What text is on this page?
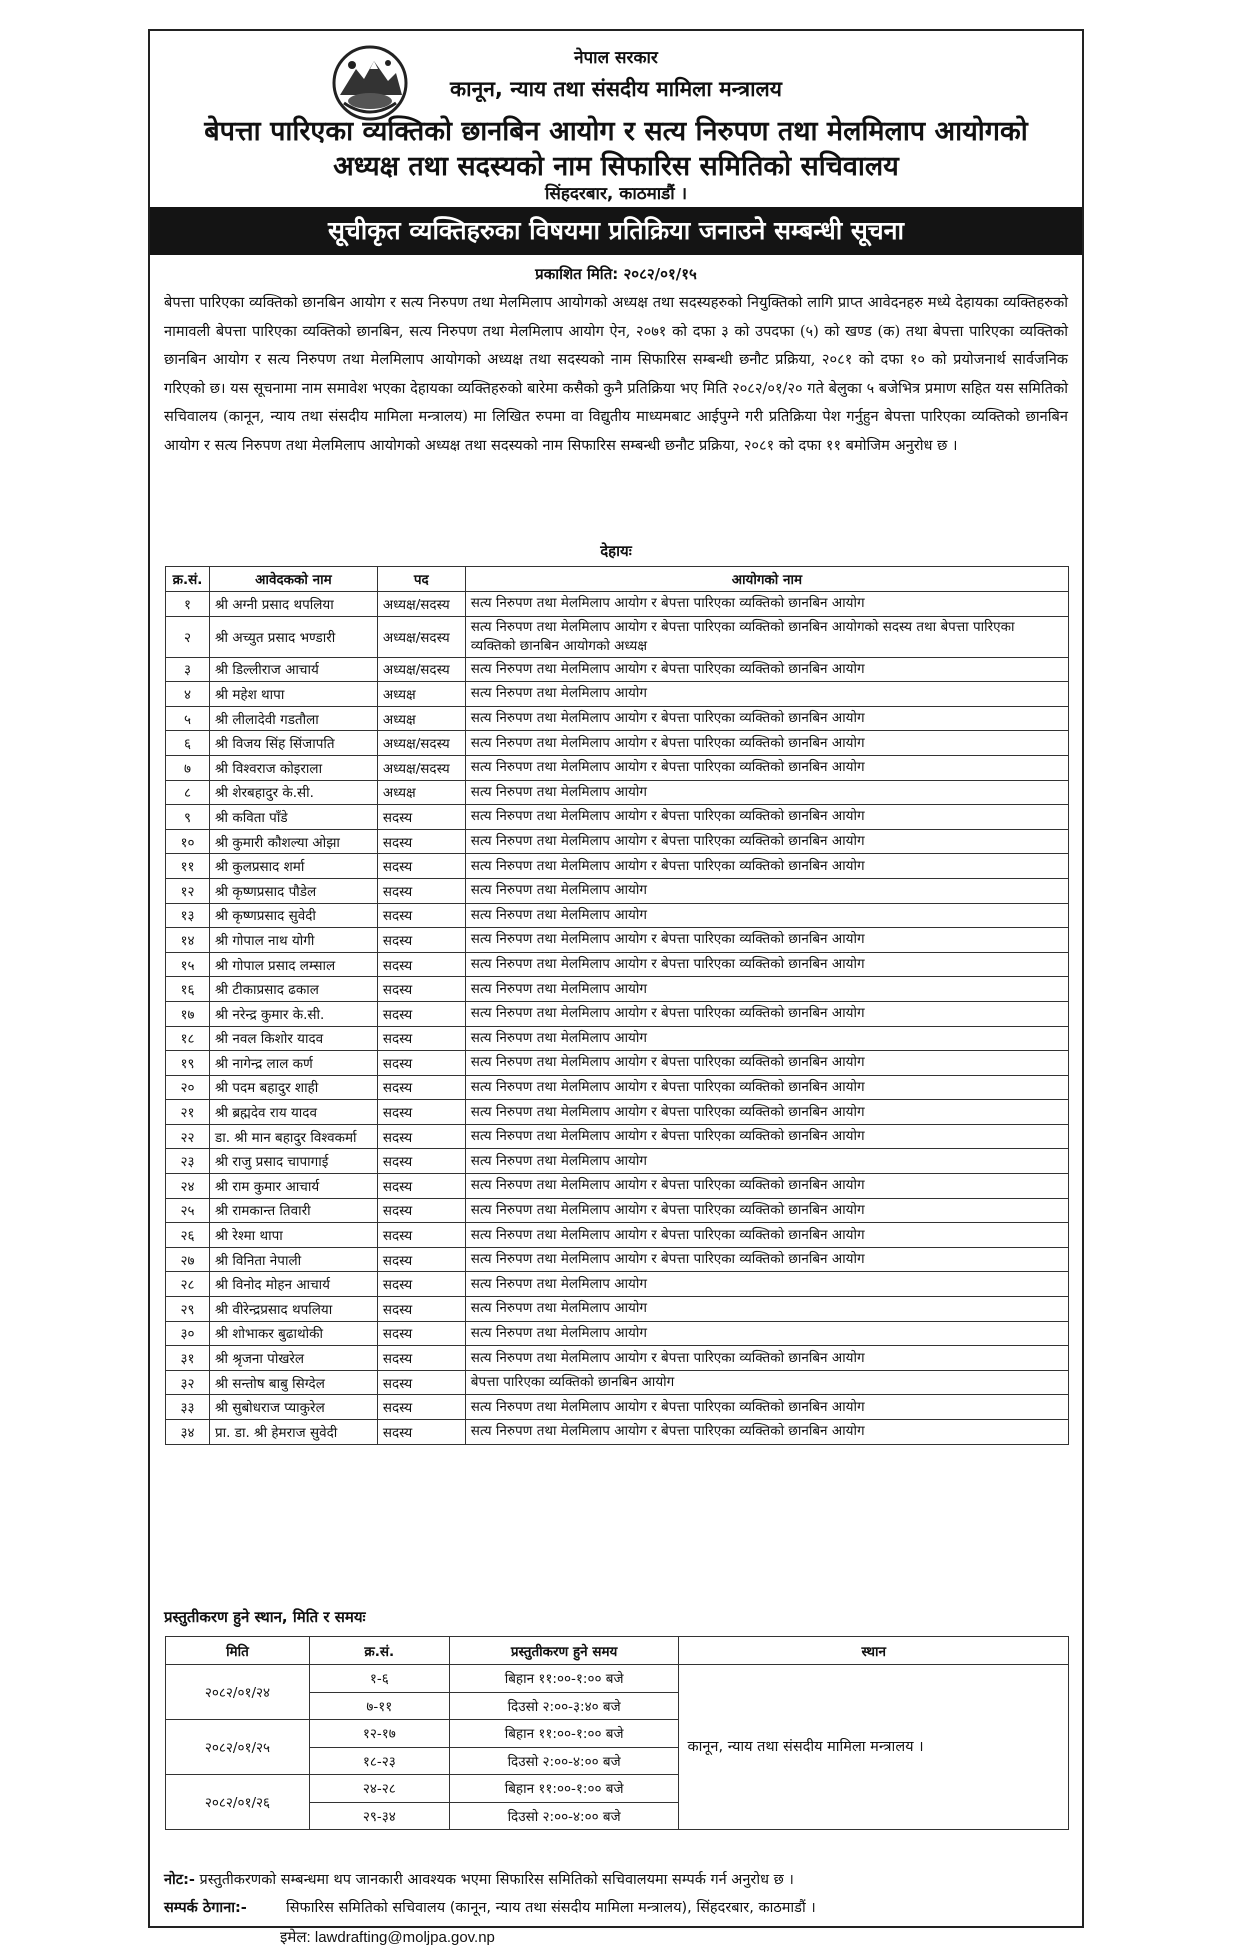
नेपाल सरकार
कानून, न्याय तथा संसदीय मामिला मन्त्रालय
बेपत्ता पारिएका व्यक्तिको छानबिन आयोग र सत्य निरुपण तथा मेलमिलाप आयोगको
अध्यक्ष तथा सदस्यको नाम सिफारिस समितिको सचिवालय
सिंहदरबार, काठमाडौं ।
सूचीकृत व्यक्तिहरुका विषयमा प्रतिक्रिया जनाउने सम्बन्धी सूचना
प्रकाशित मिति: २०८२/०१/१५
बेपत्ता पारिएका व्यक्तिको छानबिन आयोग र सत्य निरुपण तथा मेलमिलाप आयोगको अध्यक्ष तथा सदस्यहरुको नियुक्तिको लागि प्राप्त आवेदनहरु मध्ये देहायका व्यक्तिहरुको नामावली बेपत्ता पारिएका व्यक्तिको छानबिन, सत्य निरुपण तथा मेलमिलाप आयोग ऐन, २०७१ को दफा ३ को उपदफा (५) को खण्ड (क) तथा बेपत्ता पारिएका व्यक्तिको छानबिन आयोग र सत्य निरुपण तथा मेलमिलाप आयोगको अध्यक्ष तथा सदस्यको नाम सिफारिस सम्बन्धी छनौट प्रक्रिया, २०८१ को दफा १० को प्रयोजनार्थ सार्वजनिक गरिएको छ। यस सूचनामा नाम समावेश भएका देहायका व्यक्तिहरुको बारेमा कसैको कुनै प्रतिक्रिया भए मिति २०८२/०१/२० गते बेलुका ५ बजेभित्र प्रमाण सहित यस समितिको सचिवालय (कानून, न्याय तथा संसदीय मामिला मन्त्रालय) मा लिखित रुपमा वा विद्युतीय माध्यमबाट आईपुग्ने गरी प्रतिक्रिया पेश गर्नुहुन बेपत्ता पारिएका व्यक्तिको छानबिन आयोग र सत्य निरुपण तथा मेलमिलाप आयोगको अध्यक्ष तथा सदस्यको नाम सिफारिस सम्बन्धी छनौट प्रक्रिया, २०८१ को दफा ११ बमोजिम अनुरोध छ ।
देहायः
क्र.सं.	आवेदकको नाम	पद	आयोगको नाम
१	श्री अग्नी प्रसाद थपलिया	अध्यक्ष/सदस्य	सत्य निरुपण तथा मेलमिलाप आयोग र बेपत्ता पारिएका व्यक्तिको छानबिन आयोग
२	श्री अच्युत प्रसाद भण्डारी	अध्यक्ष/सदस्य	सत्य निरुपण तथा मेलमिलाप आयोग र बेपत्ता पारिएका व्यक्तिको छानबिन आयोगको सदस्य तथा बेपत्ता पारिएका व्यक्तिको छानबिन आयोगको अध्यक्ष
३	श्री डिल्लीराज आचार्य	अध्यक्ष/सदस्य	सत्य निरुपण तथा मेलमिलाप आयोग र बेपत्ता पारिएका व्यक्तिको छानबिन आयोग
४	श्री महेश थापा	अध्यक्ष	सत्य निरुपण तथा मेलमिलाप आयोग
५	श्री लीलादेवी गडतौला	अध्यक्ष	सत्य निरुपण तथा मेलमिलाप आयोग र बेपत्ता पारिएका व्यक्तिको छानबिन आयोग
६	श्री विजय सिंह सिंजापति	अध्यक्ष/सदस्य	सत्य निरुपण तथा मेलमिलाप आयोग र बेपत्ता पारिएका व्यक्तिको छानबिन आयोग
७	श्री विश्वराज कोइराला	अध्यक्ष/सदस्य	सत्य निरुपण तथा मेलमिलाप आयोग र बेपत्ता पारिएका व्यक्तिको छानबिन आयोग
८	श्री शेरबहादुर के.सी.	अध्यक्ष	सत्य निरुपण तथा मेलमिलाप आयोग
९	श्री कविता पाँडे	सदस्य	सत्य निरुपण तथा मेलमिलाप आयोग र बेपत्ता पारिएका व्यक्तिको छानबिन आयोग
१०	श्री कुमारी कौशल्या ओझा	सदस्य	सत्य निरुपण तथा मेलमिलाप आयोग र बेपत्ता पारिएका व्यक्तिको छानबिन आयोग
११	श्री कुलप्रसाद शर्मा	सदस्य	सत्य निरुपण तथा मेलमिलाप आयोग र बेपत्ता पारिएका व्यक्तिको छानबिन आयोग
१२	श्री कृष्णप्रसाद पौडेल	सदस्य	सत्य निरुपण तथा मेलमिलाप आयोग
१३	श्री कृष्णप्रसाद सुवेदी	सदस्य	सत्य निरुपण तथा मेलमिलाप आयोग
१४	श्री गोपाल नाथ योगी	सदस्य	सत्य निरुपण तथा मेलमिलाप आयोग र बेपत्ता पारिएका व्यक्तिको छानबिन आयोग
१५	श्री गोपाल प्रसाद लम्साल	सदस्य	सत्य निरुपण तथा मेलमिलाप आयोग र बेपत्ता पारिएका व्यक्तिको छानबिन आयोग
१६	श्री टीकाप्रसाद ढकाल	सदस्य	सत्य निरुपण तथा मेलमिलाप आयोग
१७	श्री नरेन्द्र कुमार के.सी.	सदस्य	सत्य निरुपण तथा मेलमिलाप आयोग र बेपत्ता पारिएका व्यक्तिको छानबिन आयोग
१८	श्री नवल किशोर यादव	सदस्य	सत्य निरुपण तथा मेलमिलाप आयोग
१९	श्री नागेन्द्र लाल कर्ण	सदस्य	सत्य निरुपण तथा मेलमिलाप आयोग र बेपत्ता पारिएका व्यक्तिको छानबिन आयोग
२०	श्री पदम बहादुर शाही	सदस्य	सत्य निरुपण तथा मेलमिलाप आयोग र बेपत्ता पारिएका व्यक्तिको छानबिन आयोग
२१	श्री ब्रह्मदेव राय यादव	सदस्य	सत्य निरुपण तथा मेलमिलाप आयोग र बेपत्ता पारिएका व्यक्तिको छानबिन आयोग
२२	डा. श्री मान बहादुर विश्वकर्मा	सदस्य	सत्य निरुपण तथा मेलमिलाप आयोग र बेपत्ता पारिएका व्यक्तिको छानबिन आयोग
२३	श्री राजु प्रसाद चापागाई	सदस्य	सत्य निरुपण तथा मेलमिलाप आयोग
२४	श्री राम कुमार आचार्य	सदस्य	सत्य निरुपण तथा मेलमिलाप आयोग र बेपत्ता पारिएका व्यक्तिको छानबिन आयोग
२५	श्री रामकान्त तिवारी	सदस्य	सत्य निरुपण तथा मेलमिलाप आयोग र बेपत्ता पारिएका व्यक्तिको छानबिन आयोग
२६	श्री रेश्मा थापा	सदस्य	सत्य निरुपण तथा मेलमिलाप आयोग र बेपत्ता पारिएका व्यक्तिको छानबिन आयोग
२७	श्री विनिता नेपाली	सदस्य	सत्य निरुपण तथा मेलमिलाप आयोग र बेपत्ता पारिएका व्यक्तिको छानबिन आयोग
२८	श्री विनोद मोहन आचार्य	सदस्य	सत्य निरुपण तथा मेलमिलाप आयोग
२९	श्री वीरेन्द्रप्रसाद थपलिया	सदस्य	सत्य निरुपण तथा मेलमिलाप आयोग
३०	श्री शोभाकर बुढाथोकी	सदस्य	सत्य निरुपण तथा मेलमिलाप आयोग
३१	श्री श्रृजना पोखरेल	सदस्य	सत्य निरुपण तथा मेलमिलाप आयोग र बेपत्ता पारिएका व्यक्तिको छानबिन आयोग
३२	श्री सन्तोष बाबु सिग्देल	सदस्य	बेपत्ता पारिएका व्यक्तिको छानबिन आयोग
३३	श्री सुबोधराज प्याकुरेल	सदस्य	सत्य निरुपण तथा मेलमिलाप आयोग र बेपत्ता पारिएका व्यक्तिको छानबिन आयोग
३४	प्रा. डा. श्री हेमराज सुवेदी	सदस्य	सत्य निरुपण तथा मेलमिलाप आयोग र बेपत्ता पारिएका व्यक्तिको छानबिन आयोग
प्रस्तुतीकरण हुने स्थान, मिति र समयः
मिति	क्र.सं.	प्रस्तुतीकरण हुने समय	स्थान
२०८२/०१/२४	१-६	बिहान ११:००-१:०० बजे	कानून, न्याय तथा संसदीय मामिला मन्त्रालय ।
	७-११	दिउसो २:००-३:४० बजे	
२०८२/०१/२५	१२-१७	बिहान ११:००-१:०० बजे	
	१८-२३	दिउसो २:००-४:०० बजे	
२०८२/०१/२६	२४-२८	बिहान ११:००-१:०० बजे	
	२९-३४	दिउसो २:००-४:०० बजे	
नोट:- प्रस्तुतीकरणको सम्बन्धमा थप जानकारी आवश्यक भएमा सिफारिस समितिको सचिवालयमा सम्पर्क गर्न अनुरोध छ ।
सम्पर्क ठेगाना:-	सिफारिस समितिको सचिवालय (कानून, न्याय तथा संसदीय मामिला मन्त्रालय), सिंहदरबार, काठमाडौं ।
इमेल: lawdrafting@moljpa.gov.np
